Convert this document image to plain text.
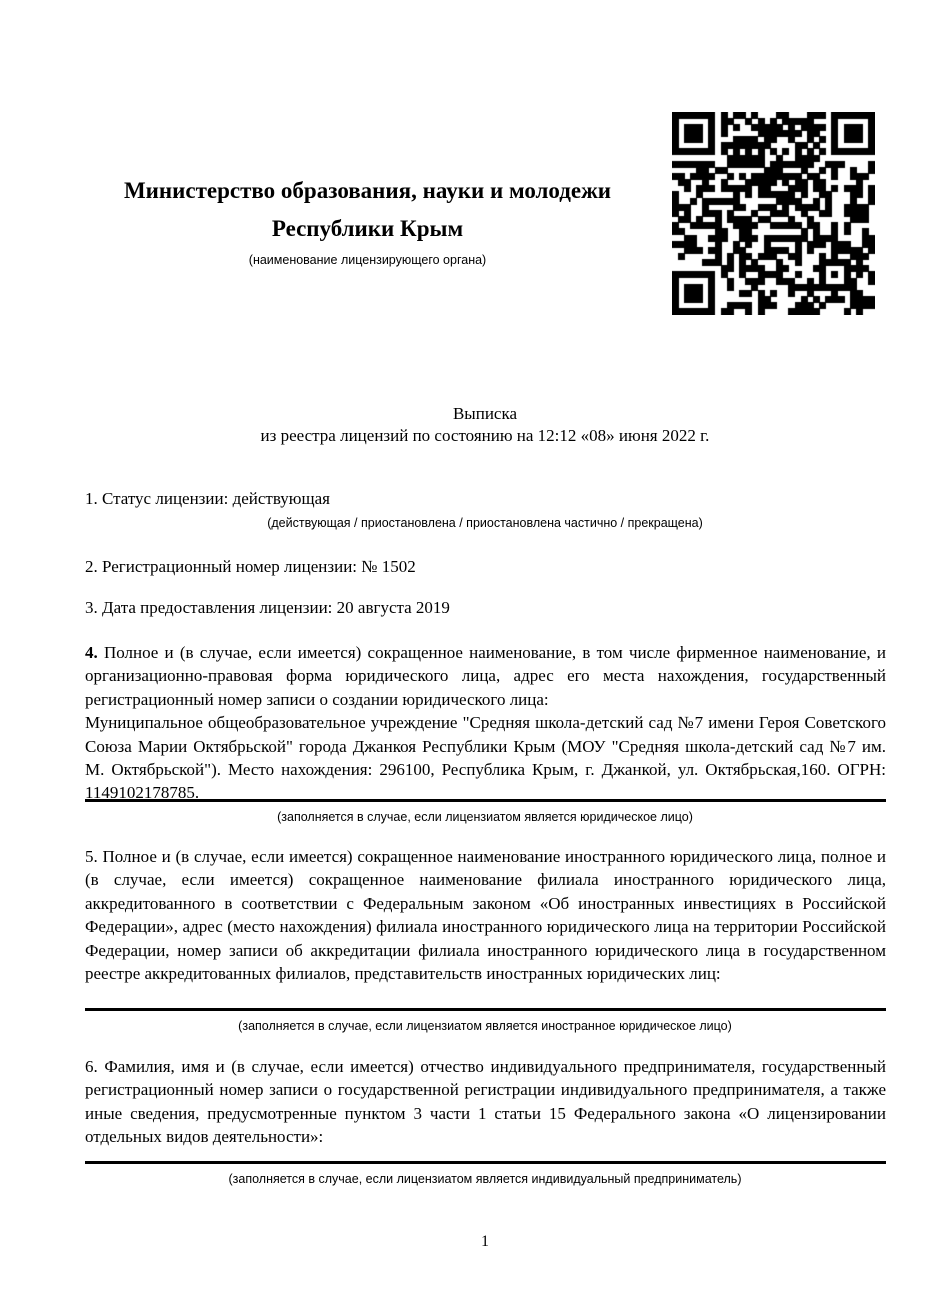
Министерство образования, науки и молодежи
Республики Крым
(наименование лицензирующего органа)
Выписка
из реестра лицензий по состоянию на 12:12 «08» июня 2022 г.
1. Статус лицензии: действующая
(действующая / приостановлена / приостановлена частично / прекращена)
2. Регистрационный номер лицензии: № 1502
3. Дата предоставления лицензии: 20 августа 2019
4. Полное и (в случае, если имеется) сокращенное наименование, в том числе фирменное наименование, и организационно-правовая форма юридического лица, адрес его места нахождения, государственный регистрационный номер записи о создании юридического лица:
Муниципальное общеобразовательное учреждение "Средняя школа-детский сад №7 имени Героя Советского Союза Марии Октябрьской" города Джанкоя Республики Крым (МОУ "Средняя школа-детский сад №7 им. М. Октябрьской"). Место нахождения: 296100, Республика Крым, г. Джанкой, ул. Октябрьская,160. ОГРН: 1149102178785.
(заполняется в случае, если лицензиатом является юридическое лицо)
5. Полное и (в случае, если имеется) сокращенное наименование иностранного юридического лица, полное и (в случае, если имеется) сокращенное наименование филиала иностранного юридического лица, аккредитованного в соответствии с Федеральным законом «Об иностранных инвестициях в Российской Федерации», адрес (место нахождения) филиала иностранного юридического лица на территории Российской Федерации, номер записи об аккредитации филиала иностранного юридического лица в государственном реестре аккредитованных филиалов, представительств иностранных юридических лиц:
(заполняется в случае, если лицензиатом является иностранное юридическое лицо)
6. Фамилия, имя и (в случае, если имеется) отчество индивидуального предпринимателя, государственный регистрационный номер записи о государственной регистрации индивидуального предпринимателя, а также иные сведения, предусмотренные пунктом 3 части 1 статьи 15 Федерального закона «О лицензировании отдельных видов деятельности»:
(заполняется в случае, если лицензиатом является индивидуальный предприниматель)
1
